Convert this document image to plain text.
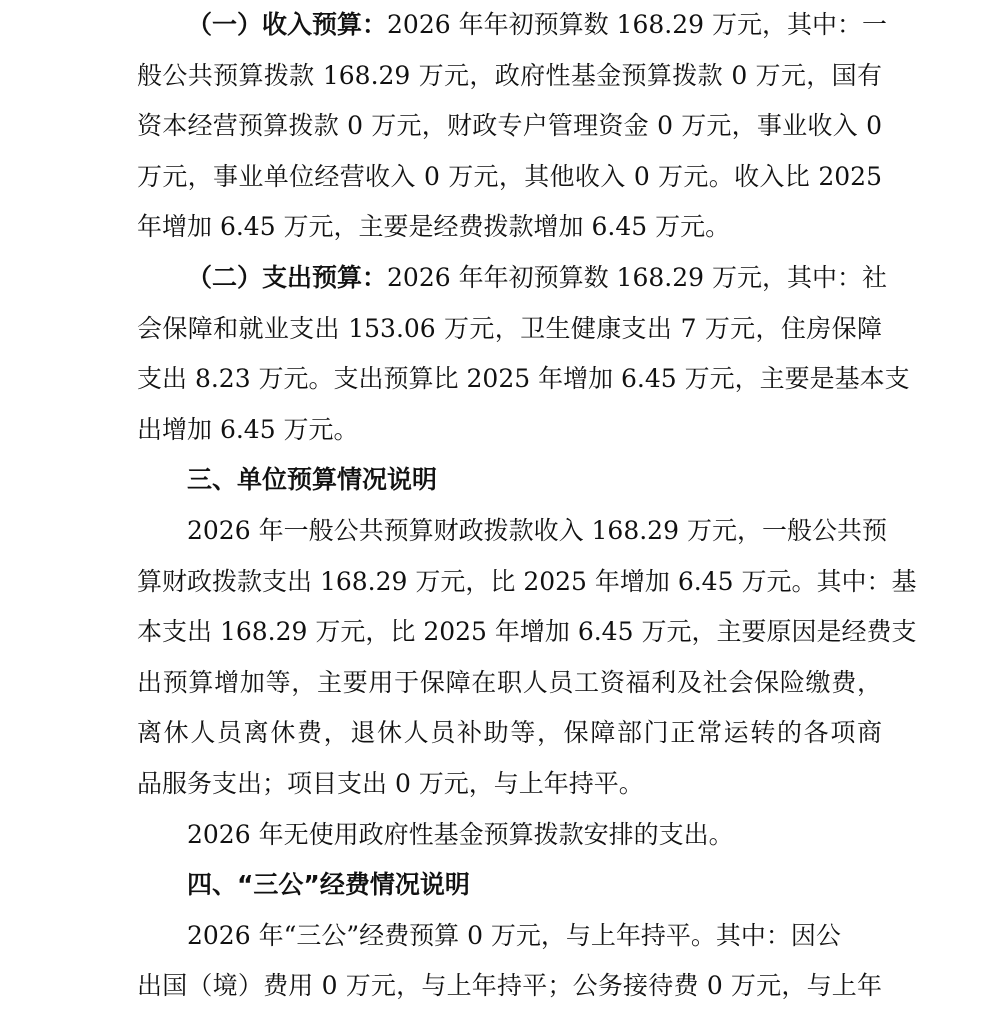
（一）收入预算：2026 年年初预算数 168.29 万元，其中：一
般公共预算拨款 168.29 万元，政府性基金预算拨款 0 万元，国有
资本经营预算拨款 0 万元，财政专户管理资金 0 万元，事业收入 0
万元，事业单位经营收入 0 万元，其他收入 0 万元。收入比 2025
年增加 6.45 万元，主要是经费拨款增加 6.45 万元。
（二）支出预算：2026 年年初预算数 168.29 万元，其中：社
会保障和就业支出 153.06 万元，卫生健康支出 7 万元，住房保障
支出 8.23 万元。支出预算比 2025 年增加 6.45 万元，主要是基本支
出增加 6.45 万元。
三、单位预算情况说明
2026 年一般公共预算财政拨款收入 168.29 万元，一般公共预
算财政拨款支出 168.29 万元，比 2025 年增加 6.45 万元。其中：基
本支出 168.29 万元，比 2025 年增加 6.45 万元，主要原因是经费支
出预算增加等，主要用于保障在职人员工资福利及社会保险缴费，
离休人员离休费，退休人员补助等，保障部门正常运转的各项商
品服务支出；项目支出 0 万元，与上年持平。
2026 年无使用政府性基金预算拨款安排的支出。
四、“三公”经费情况说明
2026 年“三公”经费预算 0 万元，与上年持平。其中：因公
出国（境）费用 0 万元，与上年持平；公务接待费 0 万元，与上年
